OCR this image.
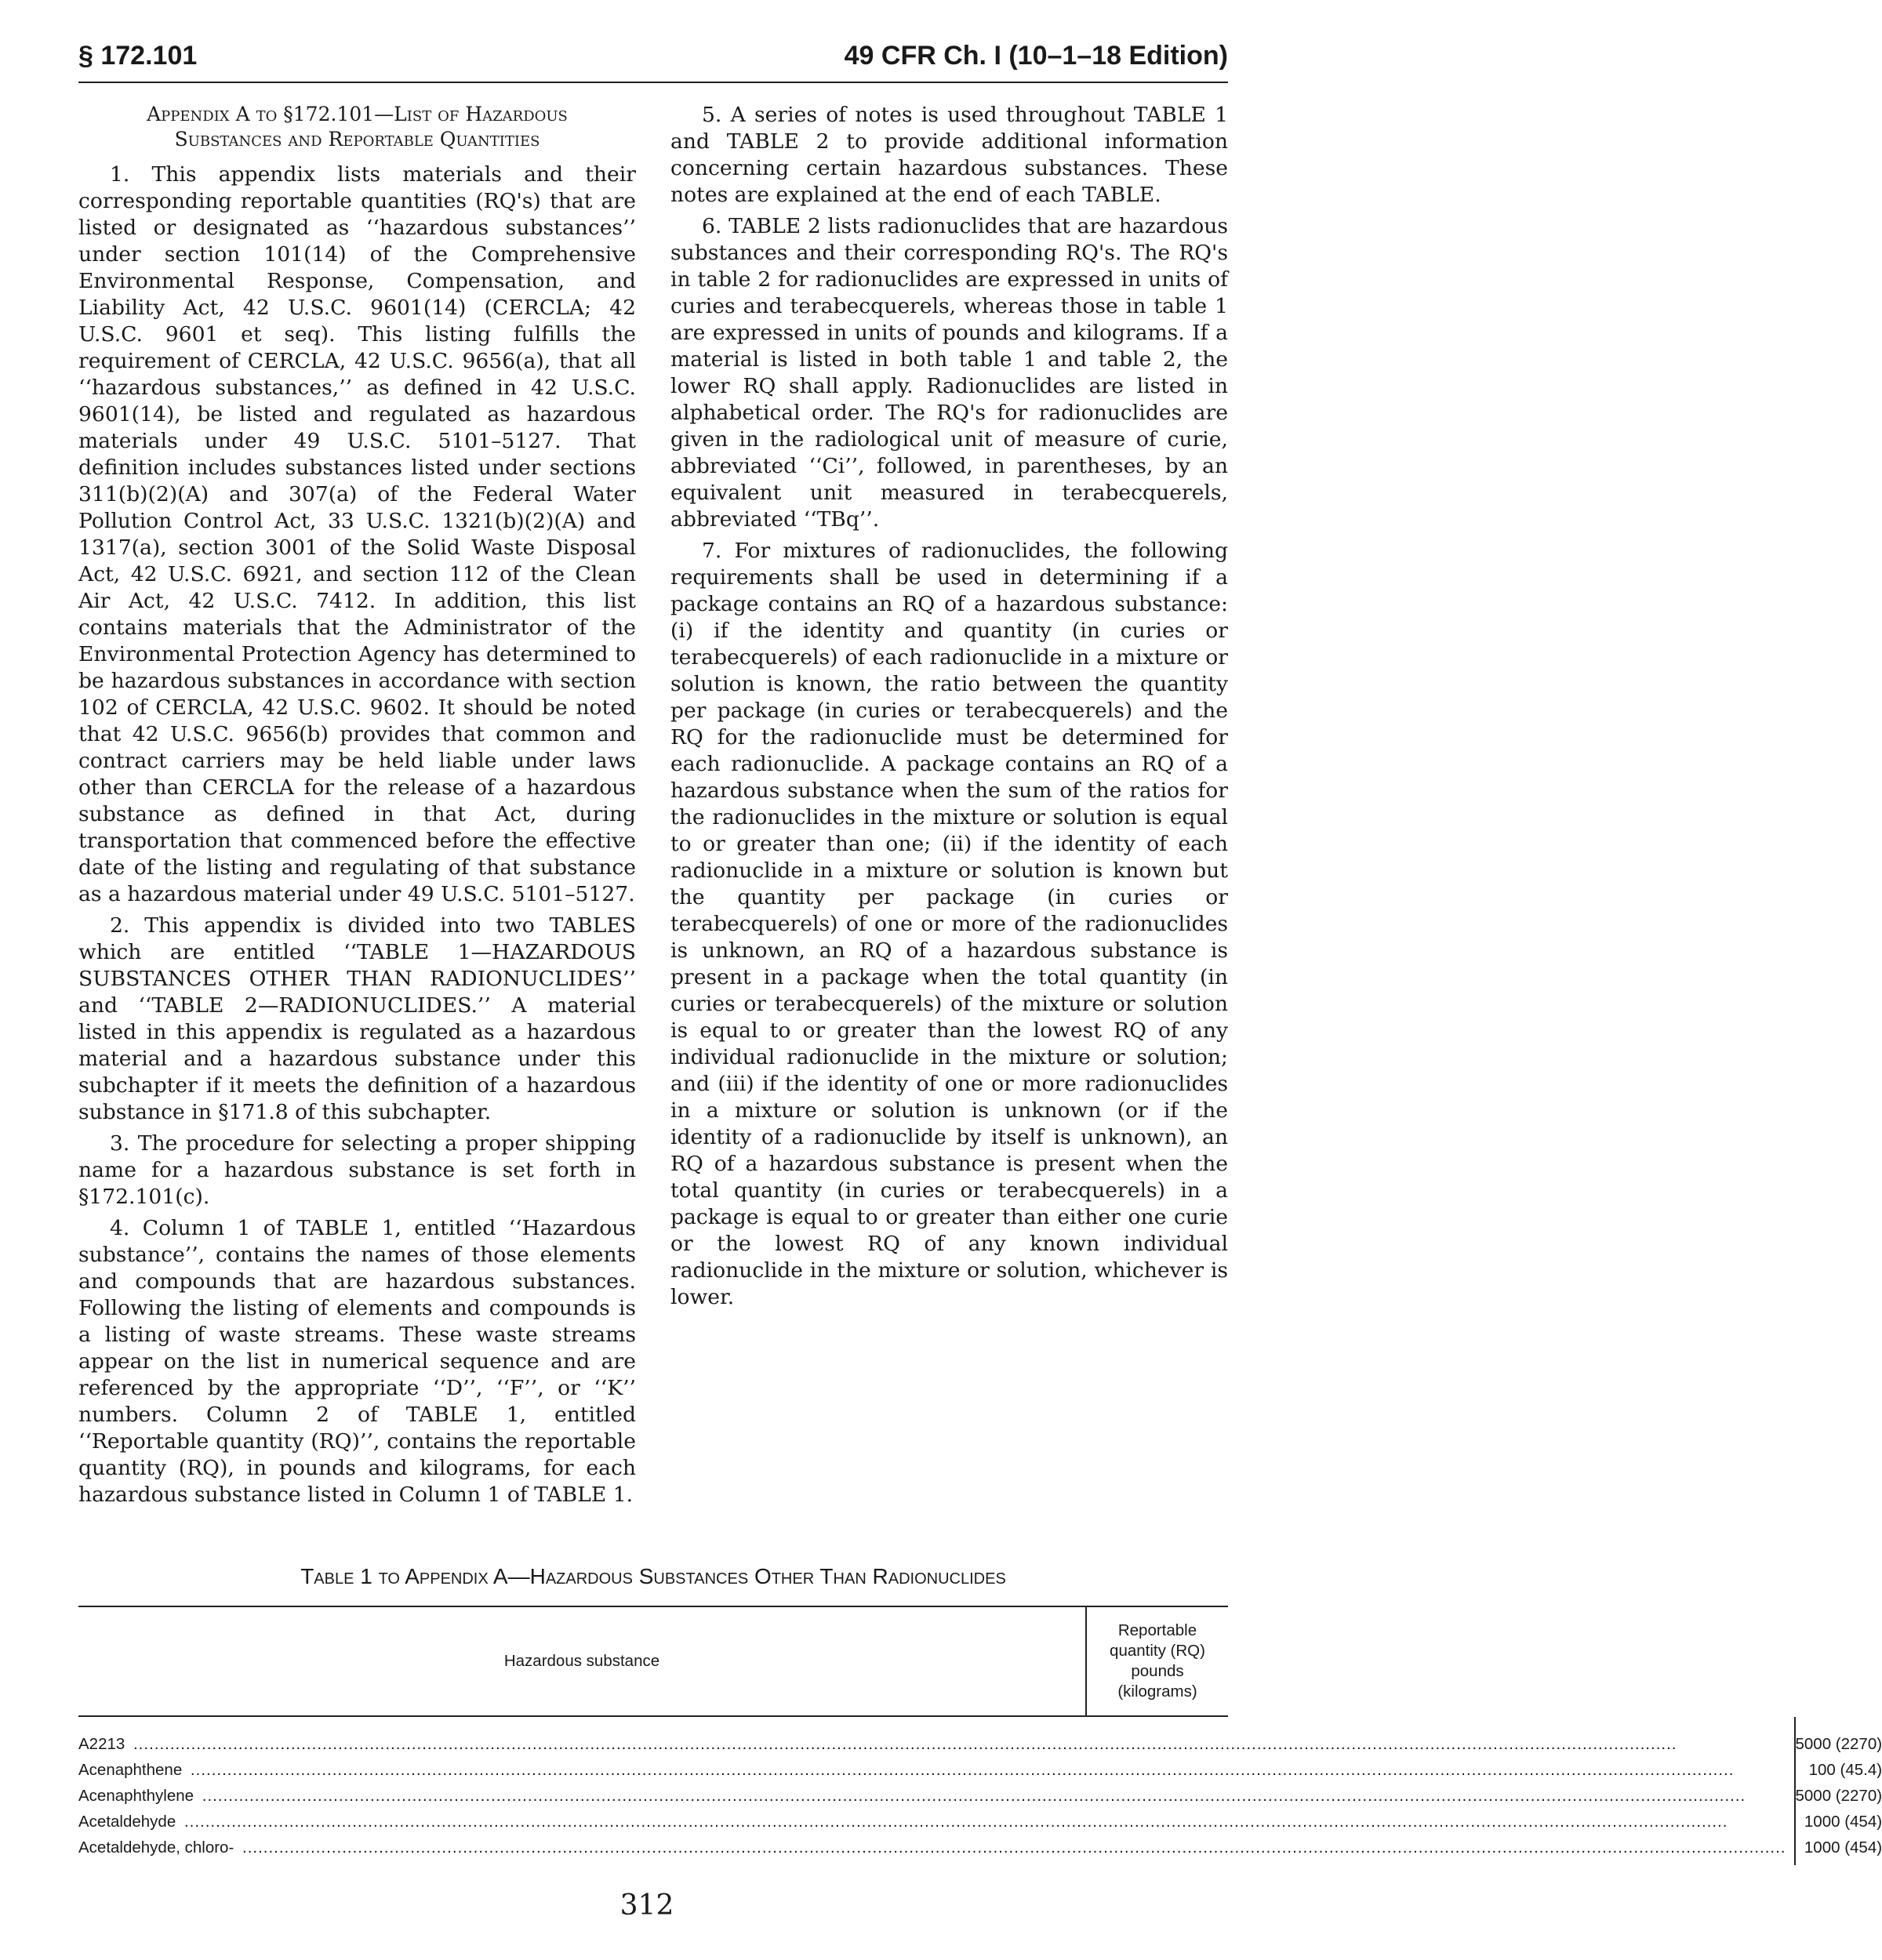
§ 172.101	49 CFR Ch. I (10–1–18 Edition)
Appendix A to §172.101—List of Hazardous
Substances and Reportable Quantities

1. This appendix lists materials and their corresponding reportable quantities (RQ's) that are listed or designated as ‘‘hazardous substances’’ under section 101(14) of the Comprehensive Environmental Response, Compensation, and Liability Act, 42 U.S.C. 9601(14) (CERCLA; 42 U.S.C. 9601 et seq). This listing fulfills the requirement of CERCLA, 42 U.S.C. 9656(a), that all ‘‘hazardous substances,’’ as defined in 42 U.S.C. 9601(14), be listed and regulated as hazardous materials under 49 U.S.C. 5101–5127. That definition includes substances listed under sections 311(b)(2)(A) and 307(a) of the Federal Water Pollution Control Act, 33 U.S.C. 1321(b)(2)(A) and 1317(a), section 3001 of the Solid Waste Disposal Act, 42 U.S.C. 6921, and section 112 of the Clean Air Act, 42 U.S.C. 7412. In addition, this list contains materials that the Administrator of the Environmental Protection Agency has determined to be hazardous substances in accordance with section 102 of CERCLA, 42 U.S.C. 9602. It should be noted that 42 U.S.C. 9656(b) provides that common and contract carriers may be held liable under laws other than CERCLA for the release of a hazardous substance as defined in that Act, during transportation that commenced before the effective date of the listing and regulating of that substance as a hazardous material under 49 U.S.C. 5101–5127.

2. This appendix is divided into two TABLES which are entitled ‘‘TABLE 1—HAZARDOUS SUBSTANCES OTHER THAN RADIONUCLIDES’’ and ‘‘TABLE 2—RADIONUCLIDES.’’ A material listed in this appendix is regulated as a hazardous material and a hazardous substance under this subchapter if it meets the definition of a hazardous substance in §171.8 of this subchapter.

3. The procedure for selecting a proper shipping name for a hazardous substance is set forth in §172.101(c).

4. Column 1 of TABLE 1, entitled ‘‘Hazardous substance’’, contains the names of those elements and compounds that are hazardous substances. Following the listing of elements and compounds is a listing of waste streams. These waste streams appear on the list in numerical sequence and are referenced by the appropriate ‘‘D’’, ‘‘F’’, or ‘‘K’’ numbers. Column 2 of TABLE 1, entitled ‘‘Reportable quantity (RQ)’’, contains the reportable quantity (RQ), in pounds and kilograms, for each hazardous substance listed in Column 1 of TABLE 1.

5. A series of notes is used throughout TABLE 1 and TABLE 2 to provide additional information concerning certain hazardous substances. These notes are explained at the end of each TABLE.

6. TABLE 2 lists radionuclides that are hazardous substances and their corresponding RQ's. The RQ's in table 2 for radionuclides are expressed in units of curies and terabecquerels, whereas those in table 1 are expressed in units of pounds and kilograms. If a material is listed in both table 1 and table 2, the lower RQ shall apply. Radionuclides are listed in alphabetical order. The RQ's for radionuclides are given in the radiological unit of measure of curie, abbreviated ‘‘Ci’’, followed, in parentheses, by an equivalent unit measured in terabecquerels, abbreviated ‘‘TBq’’.

7. For mixtures of radionuclides, the following requirements shall be used in determining if a package contains an RQ of a hazardous substance: (i) if the identity and quantity (in curies or terabecquerels) of each radionuclide in a mixture or solution is known, the ratio between the quantity per package (in curies or terabecquerels) and the RQ for the radionuclide must be determined for each radionuclide. A package contains an RQ of a hazardous substance when the sum of the ratios for the radionuclides in the mixture or solution is equal to or greater than one; (ii) if the identity of each radionuclide in a mixture or solution is known but the quantity per package (in curies or terabecquerels) of one or more of the radionuclides is unknown, an RQ of a hazardous substance is present in a package when the total quantity (in curies or terabecquerels) of the mixture or solution is equal to or greater than the lowest RQ of any individual radionuclide in the mixture or solution; and (iii) if the identity of one or more radionuclides in a mixture or solution is unknown (or if the identity of a radionuclide by itself is unknown), an RQ of a hazardous substance is present when the total quantity (in curies or terabecquerels) in a package is equal to or greater than either one curie or the lowest RQ of any known individual radionuclide in the mixture or solution, whichever is lower.

Table 1 to Appendix A—Hazardous Substances Other Than Radionuclides
Hazardous substance
Reportable
quantity (RQ)
pounds
(kilograms)
A2213 .....
Acenaphthene .....
Acenaphthylene .....
Acetaldehyde .....
Acetaldehyde, chloro- .....
5000 (2270)
100 (45.4)
5000 (2270)
1000 (454)
1000 (454)
312
